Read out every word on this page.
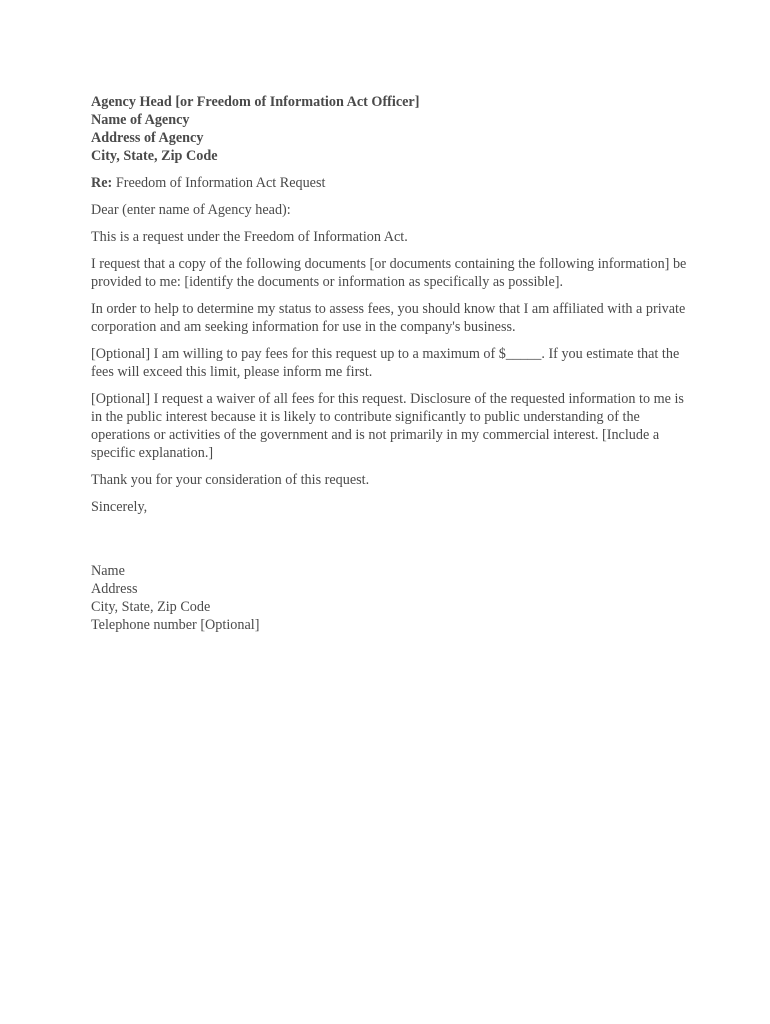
Agency Head [or Freedom of Information Act Officer]
Name of Agency
Address of Agency
City, State, Zip Code

Re: Freedom of Information Act Request

Dear (enter name of Agency head):

This is a request under the Freedom of Information Act.

I request that a copy of the following documents [or documents containing the following information] be provided to me: [identify the documents or information as specifically as possible].

In order to help to determine my status to assess fees, you should know that I am affiliated with a private corporation and am seeking information for use in the company's business.

[Optional] I am willing to pay fees for this request up to a maximum of $_____. If you estimate that the fees will exceed this limit, please inform me first.

[Optional] I request a waiver of all fees for this request. Disclosure of the requested information to me is in the public interest because it is likely to contribute significantly to public understanding of the operations or activities of the government and is not primarily in my commercial interest. [Include a specific explanation.]

Thank you for your consideration of this request.

Sincerely,

Name
Address
City, State, Zip Code
Telephone number [Optional]
